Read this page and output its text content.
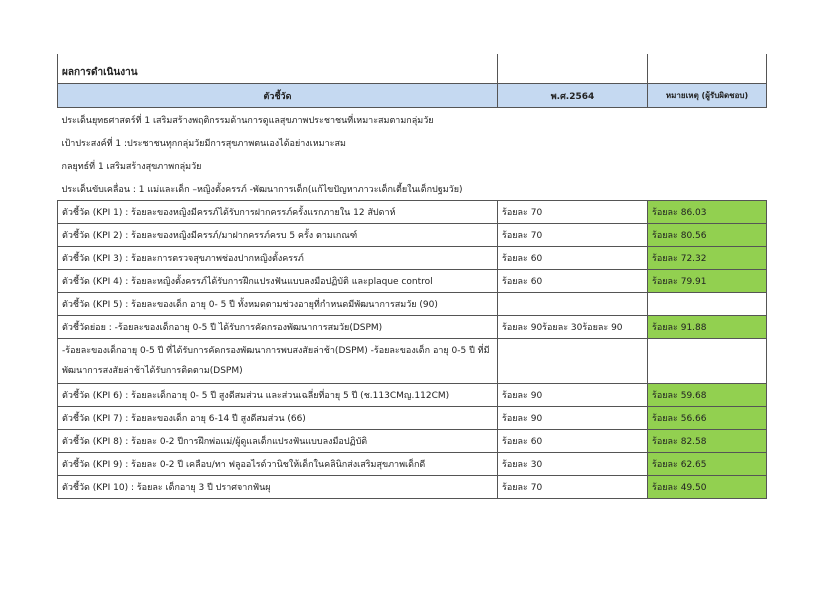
ผลการดำเนินงาน		
ตัวชี้วัด	พ.ศ.2564	หมายเหตุ (ผู้รับผิดชอบ)
ประเด็นยุทธศาสตร์ที่ 1 เสริมสร้างพฤติกรรมด้านการดูแลสุขภาพประชาชนที่เหมาะสมตามกลุ่มวัย		
เป้าประสงค์ที่ 1 :ประชาชนทุกกลุ่มวัยมีการสุขภาพตนเองได้อย่างเหมาะสม		
กลยุทธ์ที่ 1 เสริมสร้างสุขภาพกลุ่มวัย		
ประเด็นขับเคลื่อน : 1 แม่และเด็ก –หญิงตั้งครรภ์ -พัฒนาการเด็ก(แก้ไขปัญหาภาวะเด็กเตี้ยในเด็กปฐมวัย)		
ตัวชี้วัด (KPI 1) : ร้อยละของหญิงมีครรภ์ได้รับการฝากครรภ์ครั้งแรกภายใน 12 สัปดาห์	ร้อยละ 70	ร้อยละ 86.03
ตัวชี้วัด (KPI 2) : ร้อยละของหญิงมีครรภ์/มาฝากครรภ์ครบ 5 ครั้ง ตามเกณฑ์	ร้อยละ 70	ร้อยละ 80.56
ตัวชี้วัด (KPI 3) : ร้อยละการตรวจสุขภาพช่องปากหญิงตั้งครรภ์	ร้อยละ 60	ร้อยละ 72.32
ตัวชี้วัด (KPI 4) : ร้อยละหญิงตั้งครรภ์ได้รับการฝึกแปรงฟันแบบลงมือปฏิบัติ และplaque control	ร้อยละ 60	ร้อยละ 79.91
ตัวชี้วัด (KPI 5) : ร้อยละของเด็ก อายุ 0- 5 ปี ทั้งหมดตามช่วงอายุที่กำหนดมีพัฒนาการสมวัย (90)		
ตัวชี้วัดย่อย : -ร้อยละของเด็กอายุ 0-5 ปี ได้รับการคัดกรองพัฒนาการสมวัย(DSPM)	ร้อยละ 90ร้อยละ 30ร้อยละ 90	ร้อยละ 91.88
-ร้อยละของเด็กอายุ 0-5 ปี ที่ได้รับการคัดกรองพัฒนาการพบสงสัยล่าช้า(DSPM) -ร้อยละของเด็ก อายุ 0-5 ปี ที่มีพัฒนาการสงสัยล่าช้าได้รับการติดตาม(DSPM)		
ตัวชี้วัด (KPI 6) : ร้อยละเด็กอายุ 0- 5 ปี สูงดีสมส่วน และส่วนเฉลี่ยที่อายุ 5 ปี (ช.113CMญ.112CM)	ร้อยละ 90	ร้อยละ 59.68
ตัวชี้วัด (KPI 7) : ร้อยละของเด็ก อายุ 6-14 ปี สูงดีสมส่วน (66)	ร้อยละ 90	ร้อยละ 56.66
ตัวชี้วัด (KPI 8) : ร้อยละ 0-2 ปีการฝึกพ่อแม่/ผู้ดูแลเด็กแปรงฟันแบบลงมือปฏิบัติ	ร้อยละ 60	ร้อยละ 82.58
ตัวชี้วัด (KPI 9) : ร้อยละ 0-2 ปี เคลือบ/ทา ฟลูออไรด์วานิชให้เด็กในคลินิกส่งเสริมสุขภาพเด็กดี	ร้อยละ 30	ร้อยละ 62.65
ตัวชี้วัด (KPI 10) : ร้อยละ เด็กอายุ 3 ปี ปราศจากฟันผุ	ร้อยละ 70	ร้อยละ 49.50
